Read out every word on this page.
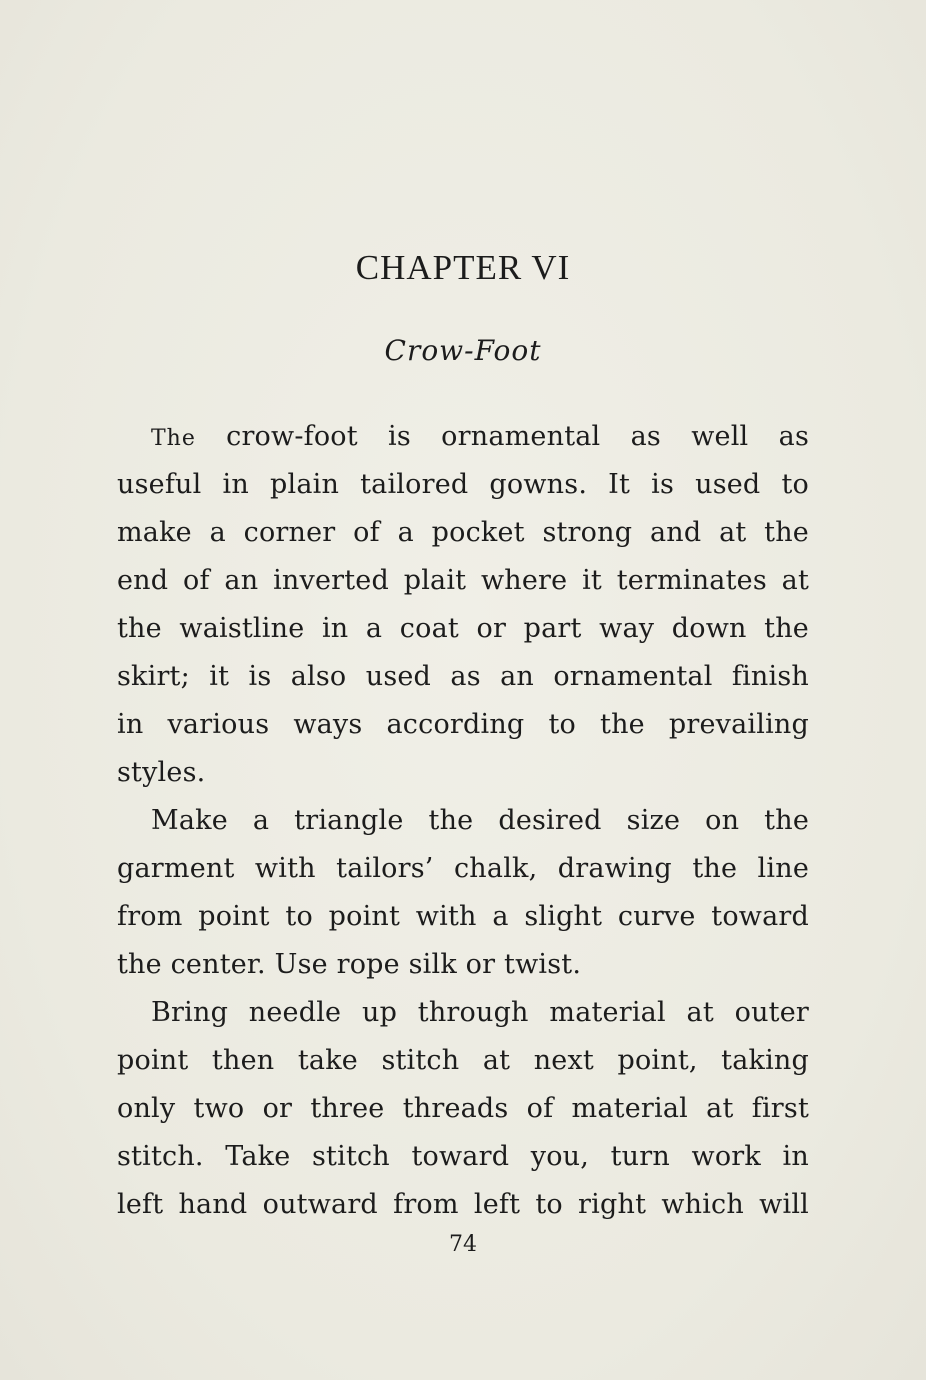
CHAPTER VI
Crow-Foot
The crow-foot is ornamental as well as
useful in plain tailored gowns. It is used to
make a corner of a pocket strong and at the
end of an inverted plait where it terminates at
the waistline in a coat or part way down the
skirt; it is also used as an ornamental finish
in various ways according to the prevailing
styles.
Make a triangle the desired size on the
garment with tailors’ chalk, drawing the line
from point to point with a slight curve toward
the center. Use rope silk or twist.
Bring needle up through material at outer
point then take stitch at next point, taking
only two or three threads of material at first
stitch. Take stitch toward you, turn work in
left hand outward from left to right which will
74
